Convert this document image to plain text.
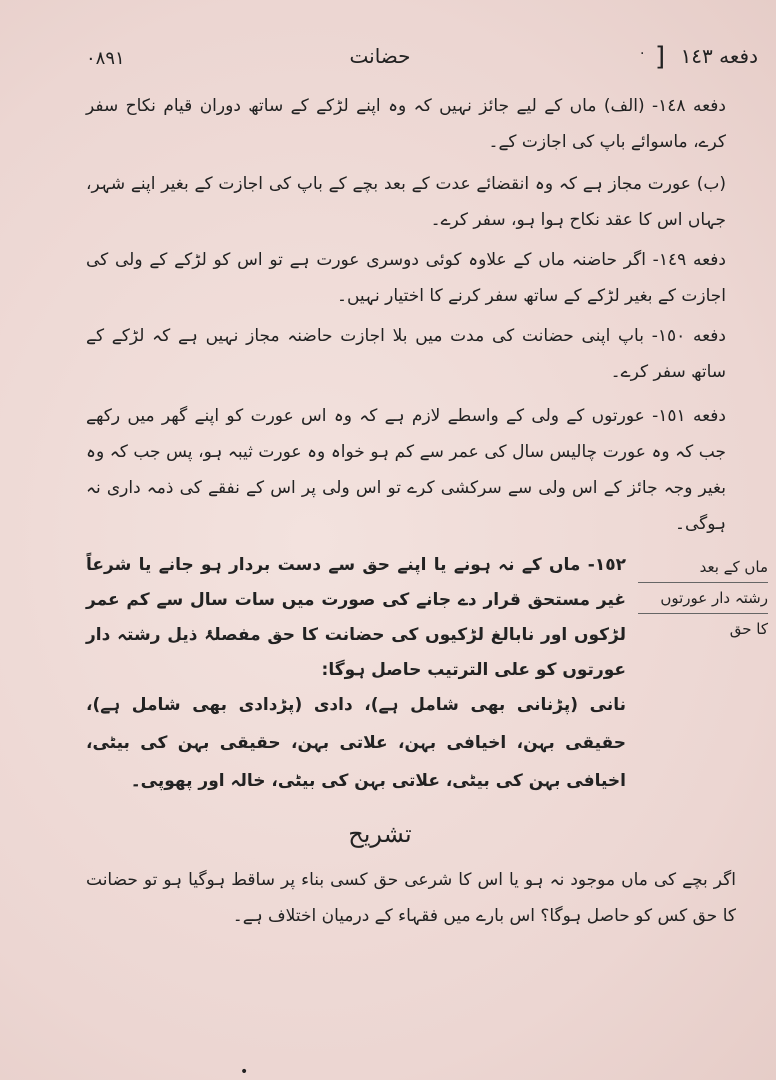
٠٨٩١	حضانت	· ] دفعه ١٤٣
دفعه ١٤٨- (الف) ماں کے لیے جائز نہیں کہ وہ اپنے لڑکے کے ساتھ دوران قیام نکاح سفر کرے، ماسوائے باپ کی اجازت کے۔
(ب) عورت مجاز ہے کہ وہ انقضائے عدت کے بعد بچے کے باپ کی اجازت کے بغیر اپنے شہر، جہاں اس کا عقد نکاح ہوا ہو، سفر کرے۔
دفعه ١٤٩- اگر حاضنہ ماں کے علاوہ کوئی دوسری عورت ہے تو اس کو لڑکے کے ولی کی اجازت کے بغیر لڑکے کے ساتھ سفر کرنے کا اختیار نہیں۔
دفعه ١٥٠- باپ اپنی حضانت کی مدت میں بلا اجازت حاضنہ مجاز نہیں ہے کہ لڑکے کے ساتھ سفر کرے۔
دفعه ١٥١- عورتوں کے ولی کے واسطے لازم ہے کہ وہ اس عورت کو اپنے گھر میں رکھے جب کہ وہ عورت چالیس سال کی عمر سے کم ہو خواہ وہ عورت ثیبہ ہو، پس جب کہ وہ بغیر وجہ جائز کے اس ولی سے سرکشی کرے تو اس ولی پر اس کے نفقے کی ذمہ داری نہ ہوگی۔
١٥٢- ماں کے نہ ہونے یا اپنے حق سے دست بردار ہو جانے یا شرعاً غیر مستحق قرار دے جانے کی صورت میں سات سال سے کم عمر لڑکوں اور نابالغ لڑکیوں کی حضانت کا حق مفصلۂ ذیل رشتہ دار عورتوں کو علی الترتیب حاصل ہوگا:
نانی (پڑنانی بھی شامل ہے)، دادی (پڑدادی بھی شامل ہے)، حقیقی بہن، اخیافی بہن، علاتی بہن، حقیقی بہن کی بیٹی، اخیافی بہن کی بیٹی، علاتی بہن کی بیٹی، خالہ اور پھوپی۔
ماں کے بعد
رشتہ دار عورتوں
کا حق
تشریح
اگر بچے کی ماں موجود نہ ہو یا اس کا شرعی حق کسی بناء پر ساقط ہوگیا ہو تو حضانت کا حق کس کو حاصل ہوگا؟ اس بارے میں فقہاء کے درمیان اختلاف ہے۔
•
